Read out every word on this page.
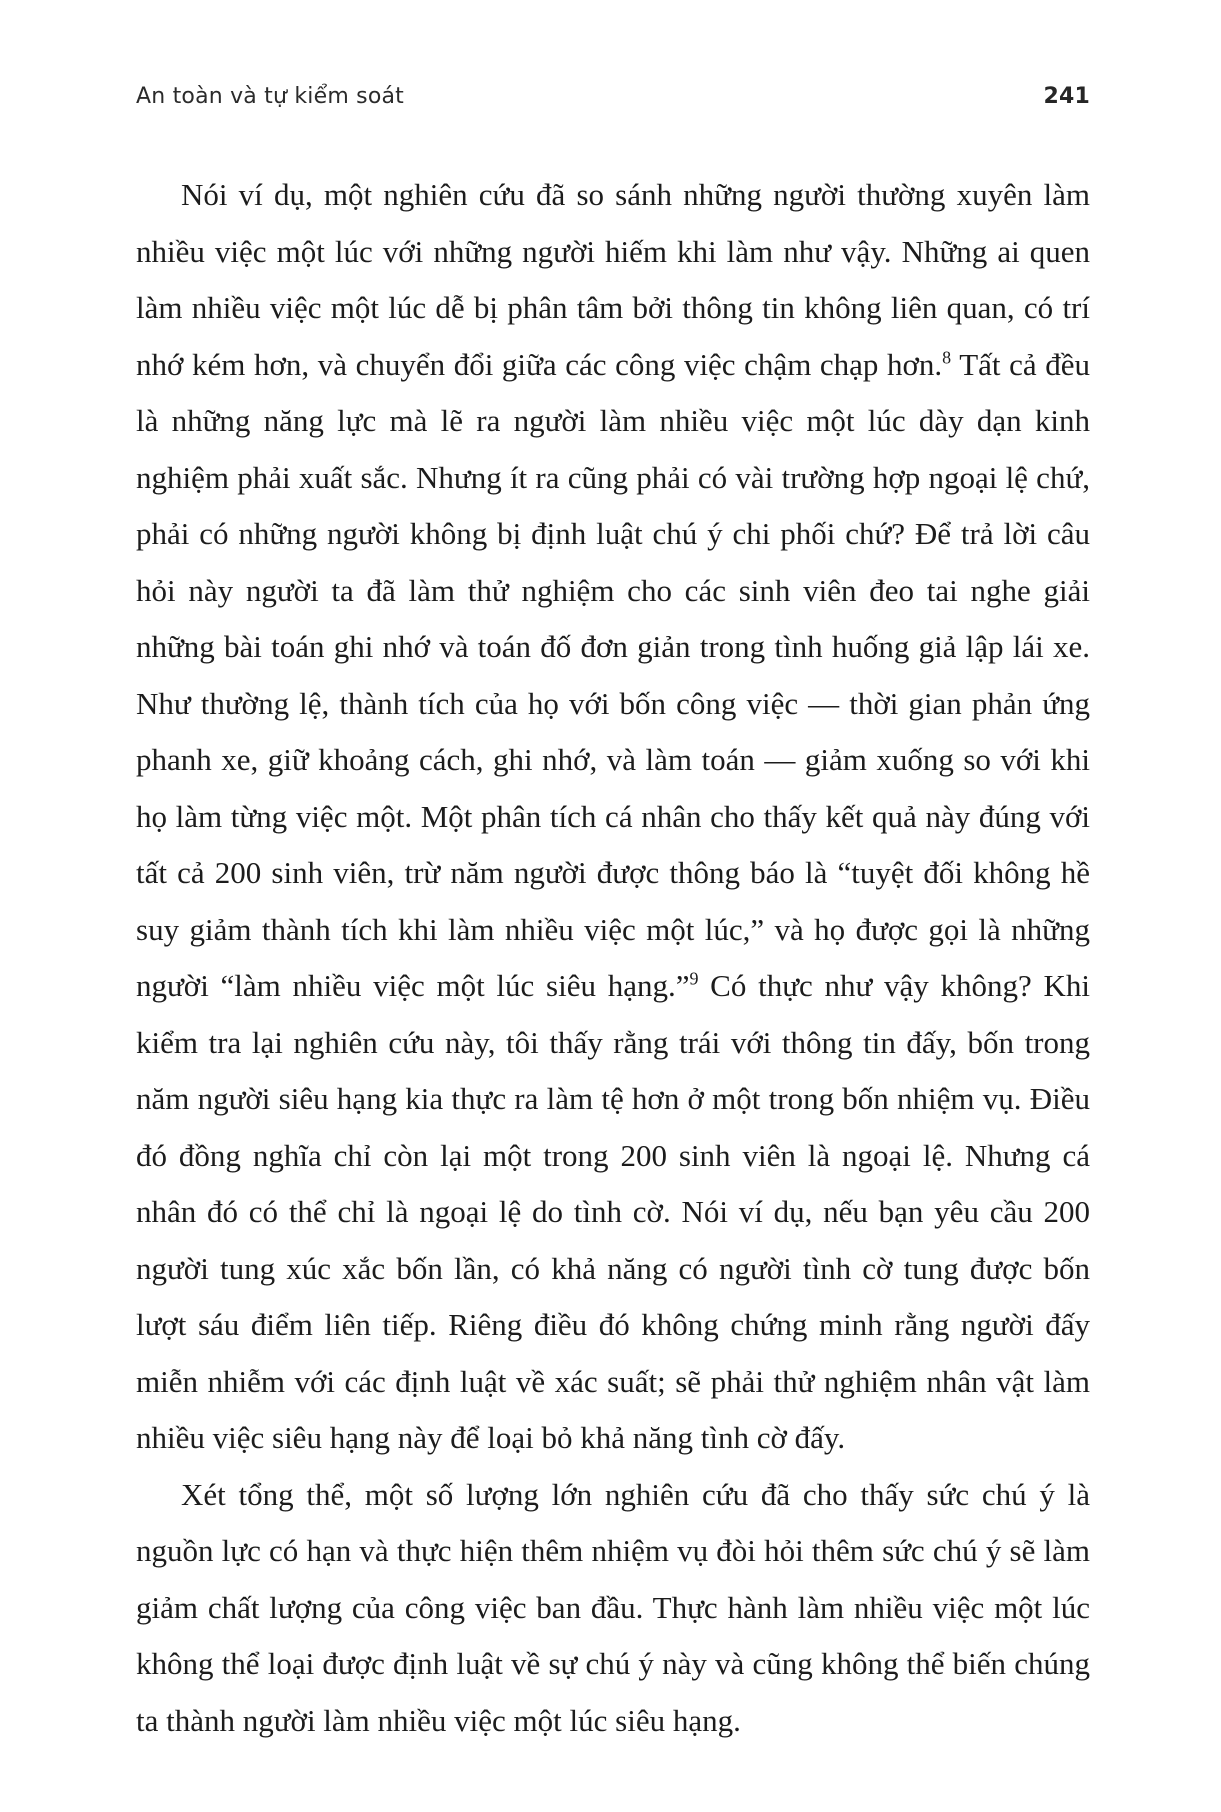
An toàn và tự kiểm soát	241

Nói ví dụ, một nghiên cứu đã so sánh những người thường xuyên làm nhiều việc một lúc với những người hiếm khi làm như vậy. Những ai quen làm nhiều việc một lúc dễ bị phân tâm bởi thông tin không liên quan, có trí nhớ kém hơn, và chuyển đổi giữa các công việc chậm chạp hơn.$^8$ Tất cả đều là những năng lực mà lẽ ra người làm nhiều việc một lúc dày dạn kinh nghiệm phải xuất sắc. Nhưng ít ra cũng phải có vài trường hợp ngoại lệ chứ, phải có những người không bị định luật chú ý chi phối chứ? Để trả lời câu hỏi này người ta đã làm thử nghiệm cho các sinh viên đeo tai nghe giải những bài toán ghi nhớ và toán đố đơn giản trong tình huống giả lập lái xe. Như thường lệ, thành tích của họ với bốn công việc — thời gian phản ứng phanh xe, giữ khoảng cách, ghi nhớ, và làm toán — giảm xuống so với khi họ làm từng việc một. Một phân tích cá nhân cho thấy kết quả này đúng với tất cả 200 sinh viên, trừ năm người được thông báo là “tuyệt đối không hề suy giảm thành tích khi làm nhiều việc một lúc,” và họ được gọi là những người “làm nhiều việc một lúc siêu hạng.”$^9$ Có thực như vậy không? Khi kiểm tra lại nghiên cứu này, tôi thấy rằng trái với thông tin đấy, bốn trong năm người siêu hạng kia thực ra làm tệ hơn ở một trong bốn nhiệm vụ. Điều đó đồng nghĩa chỉ còn lại một trong 200 sinh viên là ngoại lệ. Nhưng cá nhân đó có thể chỉ là ngoại lệ do tình cờ. Nói ví dụ, nếu bạn yêu cầu 200 người tung xúc xắc bốn lần, có khả năng có người tình cờ tung được bốn lượt sáu điểm liên tiếp. Riêng điều đó không chứng minh rằng người đấy miễn nhiễm với các định luật về xác suất; sẽ phải thử nghiệm nhân vật làm nhiều việc siêu hạng này để loại bỏ khả năng tình cờ đấy.

Xét tổng thể, một số lượng lớn nghiên cứu đã cho thấy sức chú ý là nguồn lực có hạn và thực hiện thêm nhiệm vụ đòi hỏi thêm sức chú ý sẽ làm giảm chất lượng của công việc ban đầu. Thực hành làm nhiều việc một lúc không thể loại được định luật về sự chú ý này và cũng không thể biến chúng ta thành người làm nhiều việc một lúc siêu hạng.
